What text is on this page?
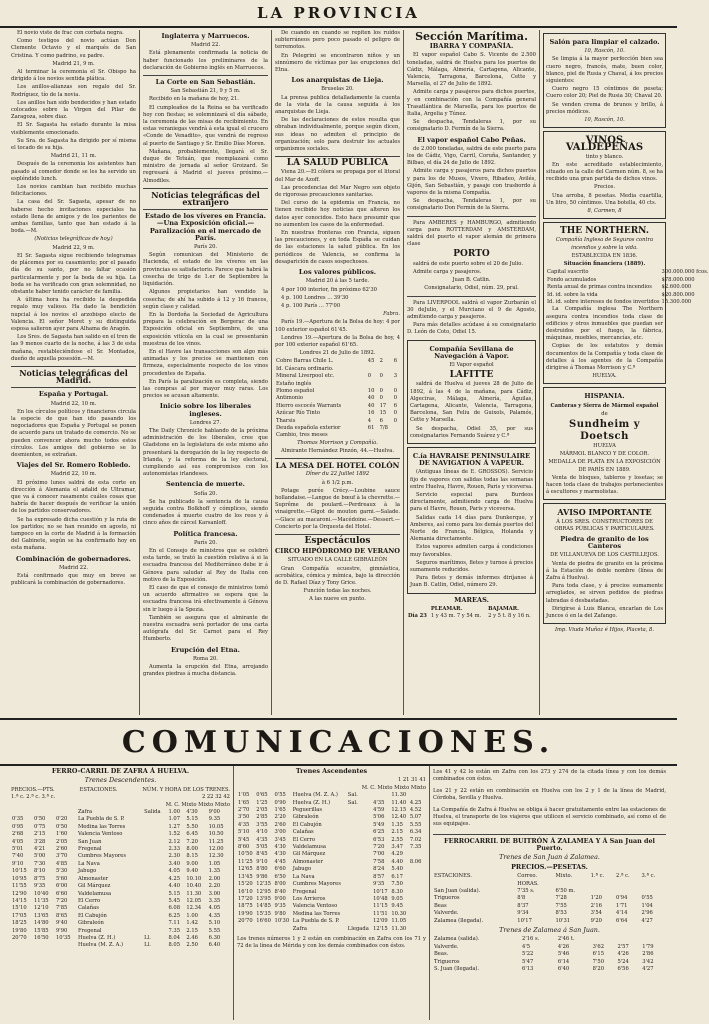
LA PROVINCIA

El novio viste de frac con corbata negra.

Como testigos del novio actúan Don Clemente Octavio y el marqués de San Cristina. Y como padrino, su padre.

Madrid 21, 9 m.

Al terminar la ceremonia el Sr. Obispo ha dirigido á los novios sentida plática.

Los anillos-alianzas son regalo del Sr. Rodríguez, tío de la novia.

Los anillos han sido bendecidos y han estado colocados sobre la Virgen del Pilar de Zaragoza, sobre diaz.

El Sr. Sagasta ha estado durante la misa visiblemente emocionado.

Su Sra. de Sagasta ha dirigido por sí misma el tocado de su hija.

Madrid 21, 11 m.

Después de la ceremonia los asistentes han pasado al comedor donde se les ha servido un espléndido lunch.

Los novios cambian han recibido muchas felicitaciones.

La casa del Sr. Sagasta, apesar de no haberse hecho invitaciones especiales ha estado llena de amigos y de los parientes de ambas familias, tanto que han estado á la boda.—M.

(Noticias telegráficas de hoy.)

Madrid 22, 9 m.

El Sr. Sagasta sigue recibiendo telegramas de plácemes por su casamiento; por el pasado día de su santo, por no faltar ocasión particularmente y por la boda de su hija. La boda se ha verificado con gran solemnidad, no obstante haber tenido carácter de familia.

A última hora ha recibido la despedida regalo muy valioso. Ha dado la bendición nupcial á los novios el arzobispo electo de Valencia. El señor Moret y su distinguida esposa salieron ayer para Alhama de Aragón.

Los Sres. de Sagasta han salido en el tren de las 9 menos cuarto de la noche, á las 3 de esta mañana, restableciéndose el Sr. Montados, dueño de aquella posesión.—M.

Noticias telegráficas del Madrid.
España y Portugal.

Madrid 22, 10 m.

En los círculos políticos y financieros circula la especie de que han ido pasando los negociadores que España y Portugal se ponen de acuerdo para un tratado de comercio. No se pueden convencer ahora mucho todos estos círculos. Los amigos del gobierno se lo desmienten, se extrañan.

Viajes del Sr. Romero Robledo.

Madrid 22, 10 m.

El próximo lunes saldrá de esta corte en dirección á Alemania el adalid de Ultramar, que va á conocer rasamente cuáles cosas que habría de hacer después de verificar la unión de los partidos conservadores.

Se ha expresado dicha cuestión y la ruta de los partidos; no se han reunido en agosto, ni tampoco en la corte de Madrid á la formación del Gabinete, según se ha confirmado hoy en esta mañana.

Combinación de gobernadores.

Madrid 22.

Está confirmado que muy en breve se publicará la combinación de gobernadores.

Inglaterra y Marruecos.

Madrid 22.

Está plenamente confirmada la noticia de haber funcionado los preliminares de la declaración de Gobierno inglés en Marruecos.

La Corte en San Sebastián.

San Sebastián 21, 9 y 5 m.

Recibido en la mañana de hoy, 21.

El cumpleaños de la Reina se ha verificado hoy con fiestas; se solemnizará el día sábado, la ceremonia de las misas de recibimiento. En estas veraniegas vendrá á esta igual el crucero «Conde de Venadito», que vendrá de regreso al puerto de Santiago y Sr. Emilio Días Moren.

Mañana, probablemente, llegará el Sr. duque de Tetuán, que reemplazará como ministro de jornada al señor Groizard. Se regresará á Madrid el jueves próximo.—Almodiles.

Noticias telegráficas del extranjero
Estado de los víveres en Francia.—Una Exposición oficial.—Paralización en el mercado de París.

París 20.

Según comunican del Ministerio de Hacienda, el estado de los víveres en las provincias es satisfactorio. Parece que habrá la cosecha de trigo de 1.er de Septiembre la liquidación.

Algunos propietarios han vendido la cosecha; de ahí ha subido á 12 y 16 francos, según clase y calidad.

En la Dordoña la Sociedad de Agricultura prepara la celebración en Bergerac de una Exposición oficial en Septiembre, de una exposición vitícola en la cual se presentarán muestras de los vinos.

En el Havre las transacciones son algo más animadas y los precios se mantienen con firmeza, especialmente respecto de los vinos procedentes de España.

En París la paralización es completa, siendo las compras al por mayor muy raras. Los precios se acusan altamente.

Inicio sobre los liberales ingleses.

Londres 27.

The Daily Chronicle hablando de la próxima administración de los liberales, cree que Gladstone en la legislatura de este mismo año presentará la derogación de la ley respecto de Irlanda, y la reforma de la ley electoral, cumpliendo así sus compromisos con los autonomistas irlandeses.

Sentencia de muerte.

Sofía 20.

Se ha publicado la sentencia de la causa seguida contra Bolkhoff y cómplices, siendo condenados á muerte cuatro de los reos y á cinco años de cárcel Karsanloff.

Política francesa.

París 20.

En el Consejo de ministros que se celebró esta tarde, se trató la cuestión relativa á si la escuadra francesa del Mediterráneo debe ir á Génova para saludar al Rey de Italia con motivo de la Exposición.

El caso de que el consejo de ministros tomó un acuerdo afirmativo se espera que la escuadra francesa irá efectivamente á Génova sin ir luego á la Spezia.

También se asegura que el almirante de nuestra escuadra será portador de una carta autógrafa del Sr. Carnot para el Rey Humberto.

Erupción del Etna.

Roma 20.

Aumenta la erupción del Etna, arrojando grandes piedras á mucha distancia.

De cuando en cuando se repiten los ruidos subterráneos pero poco pasado el peligro de terremotos.

En Pelegrini se encontraron niños y un sinnúmero de víctimas por las erupciones del Etna.

Los anarquistas de Lieja.

Bruselas 20.

La prensa publica detalladamente la cuenta de la vista de la causa seguida á los anarquistas de Lieja.

De las declaraciones de estos resulta que obraban individualmente, porque según dicen, sus ideas no admiten el principio de organización; solo para destruir los actuales organismos sociales.

LA SALUD PÚBLICA

Viena 20.—El cólera se propaga por el litoral del Mar de Azoff.

Las procedencias del Mar Negro son objeto de rigorosas precauciones sanitarias.

Del curso de la epidemia en Francia, no tienen recibido hoy noticias que alteren los datos ayer conocidos. Esto hace presumir que no aumenten los casos de la enfermedad.

En nuestras fronteras con Francia, siguen las precauciones, y en toda España se cuidan de las estaciones la salud pública. En los periódicos de Valencia, se confirma la desaparición de casos sospechosos.

Los valores públicos.

Madrid 20 á las 5 tarde.

4 por 100 interior, fin próximo 62'30

4 p. 100 Londres ... 39'30

4 p. 100 París ... 77'00

Fabra.

París 19.—Apertura de la Bolsa de hoy: 4 por 100 exterior español 61'45.

Londres 19.—Apertura de la Bolsa de hoy, 4 por 100 exterior español 61'65.

Londres 21 de Julio de 1892.

Cobre Barras Chile L.	45	2	6
Id. Cáscara ordinario.			
Mineral Liverpool etc.	0	0	3
Estaño inglés			
Plomo español	10	0	0
Antimonio	40	0	0
Hierro escocés Warrants	40	17	6
Azúcar Río Tinto	16	15	0
Tharsis	4	6	0
Deuda española exterior	61	7/8	
Cambio, tres meses			

Thomas Morrison y Compañía.

Almirante Hernández Pinzón, 44.—Huelva.

LA MESA DEL HOTEL COLÓN

Dîner du 22 Juillet 1892

à 6 1/2 p.m.

Potage purée Crécy.—Loubine sauce hollandaise.—Langue de bœuf à la chevrette.—Suprême de poulard.—Perdreaux à la vinaigrette.—Gigot de mouton garni.—Salade.—Glace au macaroni.—Macédoine.—Dessert.—Concierto por la Orquesta del Hotel.

Espectáculos
CIRCO HIPÓDROMO DE VERANO

SITUADO EN LA CALLE GIBRALEÓN

Gran Compañía ecuestre, gimnástica, acrobática, cómica y mímica, bajo la dirección de D. Rafael Díaz y Tony Grice.

Función todas las noches.

A las nueve en punto.

Sección Marítima.
IBARRA Y COMPAÑÍA.

El vapor español Cabo S. Vicente de 2.500 toneladas, saldrá de Huelva para los puertos de Cádiz, Málaga, Almería, Cartagena, Alicante, Valencia, Tarragona, Barcelona, Cette y Marsella, el 27 de Julio de 1892.

Admite carga y pasajeros para dichos puertos, y en combinación con la Compañía general Trasatlántica de Marsella, para los puertos de Italia, Argelia y Túnez.

Se despacha, Tendaleras 1, por su consignatario D. Fermín de la Sierra.

El vapor español Cabo Peñas.

de 2.000 toneladas, saldrá de este puerto para los de Cádiz, Vigo, Carril, Coruña, Santander, y Bilbao, el día 24 de Julio de 1892.

Admite carga y pasajeros para dichos puertos y para los de Musos, Vivero, Ribadeo, Avilés, Gijón, San Sebastián, y pasaje con trasbordo á vapores de la misma Compañía.

Se despacha, Tendaleras 1, por su consignatario Don Fermín de la Sierra.

Para AMBERES y HAMBURGO, admitiendo carga para ROTTERDAM y AMSTERDAM, saldrá del puerto el vapor alemán de primera clase

PORTO

saldrá de este puerto sobre el 20 de Julio.

Admite carga y pasajeros.

Juan B. Catlin.

Consignatario, Odiel, núm. 29, pral.

Para LIVERPOOL saldrá el vapor Zurbarán el 30 deJulio, y el Murciano el 9 de Agosto, admitiendo carga y pasajeros.

Para más detalles acúdase á su consignatario D. León de Coto, Odiel 15.

Compañía Sevillana de Navegación á Vapor.

El Vapor español

LAFITTE

saldrá de Huelva el jueves 28 de Julio de 1892, á las 4 de la mañana, para Cádiz, Algeciras, Málaga, Almería, Águilas, Cartagena, Alicante, Valencia, Tarragona, Barcelona, San Feliu de Guixols, Palamós, Cette y Marsella.

Se despacha, Odiel 35, por sus consignatarios Fernando Suárez y C.ª

C.ía HAVRAISE PENINSULAIRE DE NAVIGATION Á VAPEUR.

(Antiguas líneas de E. GROSSOS). Servicio fijo de vapores con salidas todas las semanas entre Huelva, Havre, Rouen, Paris y viceversa.

Servicio especial para Burdeos directamente, admitiendo carga de Huelva para el Havre, Rouen, Paris y viceversa.

Salidas cada 14 días para Dunkerque, y Amberes, así como para los demás puertos del Norte de Francia, Bélgica, Holanda y Alemania directamente.

Estos vapores admiten carga á condiciones muy favorables.

Seguros marítimos, fletes y turnos á precios sumamente reducidos.

Para fletes y demás informes diríjanse á Juan B. Catlin, Odiel, número 29.

MAREAS.
	PLEAMAR.	BAJAMAR.
Día 23	1 y 43 m. 7 y 54 m.	2 y 5 t. 8 y 16 n.
Salón para limpiar el calzado.

10, Rascón, 10.

Se limpia á la mayor perfección bien sea cuero negro, francés, mate, buen color, blanco, piel de Rusia y Chaval, á los precios siguientes:

Cuero negro 15 céntimos de peseta; Cuero color 20; Piel de Rusia 30; Chaval 20.

Se venden crema de brunos y brillo, á precios módicos.

10, Rascón, 10.

VINOS VALDEPEÑAS

tinto y blanco.

En este acreditado establecimiento, situado en la calle del Carmen núm. 8, se ha recibido una gran partida de dichos vinos.

Precios.

Una arroba, 8 pesetas. Media cuartilla, Un litro, 50 céntimos. Una botella, 40 cts.

8, Carmen, 8

THE NORTHERN.

Compañía Inglesa de Seguros contra incendios y sobre la vida.

ESTABLECIDA EN 1836.

Situación financiera (1889).

Capital suscrito	300.000.000 fcos.
Fondo acumulados	$78.000.000
Renta anual de primas contra incendios	$2.600.000
Id. id. sobre la vida	$20.800.000
Id. id. sobre intereses de fondos invertidos	15.300.000

La Compañía inglesa The Northern asegura contra incendios toda clase de edificios y otros inmuebles que puedan ser destruidos por el fuego, la fábrica, máquinas, muebles, mercancías, etc.

Copias de los estatutos y demás documentos de la Compañía y toda clase de detalles á los agentes de la Compañía dirigirse á Thomas Morrison y C.ª

HUELVA.

HISPANIA.

Canteras y Sierra de Mármol español

de

Sundheim y Doetsch

HUELVA

MÁRMOL BLANCO Y DE COLOR.

MEDALLA DE PLATA EN LA EXPOSICIÓN DE PARÍS EN 1889.

Venta de bloques, tableros y losetas; se hacen toda clase de trabajos pertenecientes á escultores y marmolistas.

AVISO IMPORTANTE

Á LOS SRES. CONSTRUCTORES DE OBRAS PÚBLICAS Y PARTICULARES.

Piedra de granito de los Canteros

DE VILLANUEVA DE LOS CASTILLEJOS.

Venta de piedra de granito en la próxima á la Estación de doble nombre (línea de Zafra á Huelva).

Para toda clase, y á precios sumamente arreglados, se sirven pedidos de piedras labradas ó desbastadas.

Dirigirse á Luis Blanca, encarlan de Los Juncos ó en la del Zafango.

Imp. Viuda Muñoz é Hijos, Placeta, 8.

COMUNICACIONES.
FERRO-CARRIL DE ZAFRA Á HUELVA.
Trenes Descendentes.
PRECIOS.—PTS.	ESTACIONES.	NÚM. Y HORA DE LOS TRENES.
1.ª c. 2.ª c. 3.ª c.	2 22 32 42
M. C. Mixto Mixto Mixto
			Zafra	Salida	1.00	4'30	9'00
0'35	0'50	0'20	La Puebla de S. P.		1.07	5.15	9.35
0'95	0'75	0'50	Medina las Torres		1.27	5.50	10.05
2'68	2'15	1'60	Valencia Ventoso		1.52	6.45	10.50
4'05	3'28	2'05	San Juan		2.12	7.20	11.25
5'01	4'21	2'60	Fregenal		2.33	8.00	12.00
7'40	5'00	3'70	Cumbres Mayores		2.30	8.15	12.30
9'10	7'30	4'85	La Nava		3.40	9.00	1.05
10'15	8'10	5'30	Jabugo		4.05	9.40	1.35
10'95	8'75	5'60	Almonaster		4.25	10.10	2.00
11'55	9'35	6'00	Gil Márquez		4.40	10.40	2.20
12'90	10'40	6'60	Valdelamusa		5.15	11.30	3.00
14'15	11'35	7'20	El Cerro		5.45	12.05	3.35
15'10	12'10	7'85	Calañas		6.08	12.34	4.05
17'05	13'65	8'65	El Cabujón		6.25	1.00	4.35
18'25	14'80	9'40	Gibraleón		7.11	1.42	5.10
19'80	15'85	9'90	Fregenal		7.35	2.15	5.55
20'70	16'50	10'35	Huelva (Z. H.)	Ll.	8.04	2.46	6.30
			Huelva (M. Z. A.)	Ll.	8.05	2.50	6.40
Trenes Ascendentes
1 21 31 41
M. C. Mixto Mixto Mixto
1'05	0'65	0'55	Huelva (M. Z. A.)	Sal.		11.30		
1'65	1'25	0'90	Huelva (Z. H.)	Sal.	4'35	11.40	4.25	
2'70	2'05	1'65	Peguerillas		4'59	12.15	4.52	
3'50	2'85	2'20	Gibraleón		5'06	12.40	5.07	
4'35	3'55	2'60	El Cabujón		5'49	1.35	5.55	
5'10	4'10	3'00	Calañas		6'25	2.15	6.34	
5'45	4'35	3'45	El Cerro		6'53	2.55	7.02	
8'60	5'05	4'30	Valdelamusa		7'20	3.47	7.35	
10'50	8'45	4'30	Gil Márquez		7'00	4.29		
11'25	9'10	4'45	Almonaster		7'58	4.40	8.06	
12'65	8'80	6'60	Jabugo		8'24	5.40		
13'45	9'86	6'50	La Nava		8'57	6.17		
15'20	12'35	8'00	Cumbres Mayores		9'35	7.50		
16'10	12'95	8'40	Fregenal		10'17	8.30		
17'20	13'95	9'00	Los Arrieros		10'48	9.05		
18'75	14'85	9'35	Valencia Ventoso		11'15	9.45		
19'90	15'35	9'80	Medina las Torres		11'51	10.30		
20'70	16'60	10'30	La Puebla de S. P.		12'09	11.05		
			Zafra	Llegada	12'15	11.30		

Los trenes números 1 y 2 están en combinación en Zafra con los 71 y 72 de la línea de Mérida y con los demás combinados con éstos.

Los 41 y 42 lo están en Zafra con los 273 y 274 de la citada línea y con los demás combinados con éstos.

Los 21 y 22 están en combinación en Huelva con los 2 y 1 de la línea de Madrid, Córdoba, Sevilla y Huelva.

La Compañía de Zafra á Huelva se obliga á hacer gratuitamente entre las estaciones de Huelva, el transporte de los viajeros que utilicen el servicio combinado, así como el de sus equipajes.

FERROCARRIL DE BUITRÓN Á ZALAMEA Y Á San Juan del Puerto.
Trenes de San Juan á Zalamea.
PRECIOS.—PESETAS.
ESTACIONES.	Correo.	Mixto.	1.ª c.	2.ª c.	3.ª c.
	HORAS.				
San Juan (salida).	7'35 s.	6'50 m.			
Trigueros	8'8	7'28	1'20	0'94	0'55
Beas	8'37	7'55	2'16	1'71	1'04
Valverde.	9'34	8'53	3'54	4'14	2'96
Zalamea (llegada).	10'17	10'31	9'20	6'64	4'27
Trenes de Zalamea á San Juan.
Zalamea (salida).	2'16 s.	2'46 t.			
Valverde.	4'5	4'26	3'62	2'57	1'79
Beas.	5'22	5'46	6'15	4'26	2'86
Trigueros	5'47	6'14	7'50	5'24	3'42
S. Juan (llegada).	6'13	6'40	8'20	6'56	4'27
